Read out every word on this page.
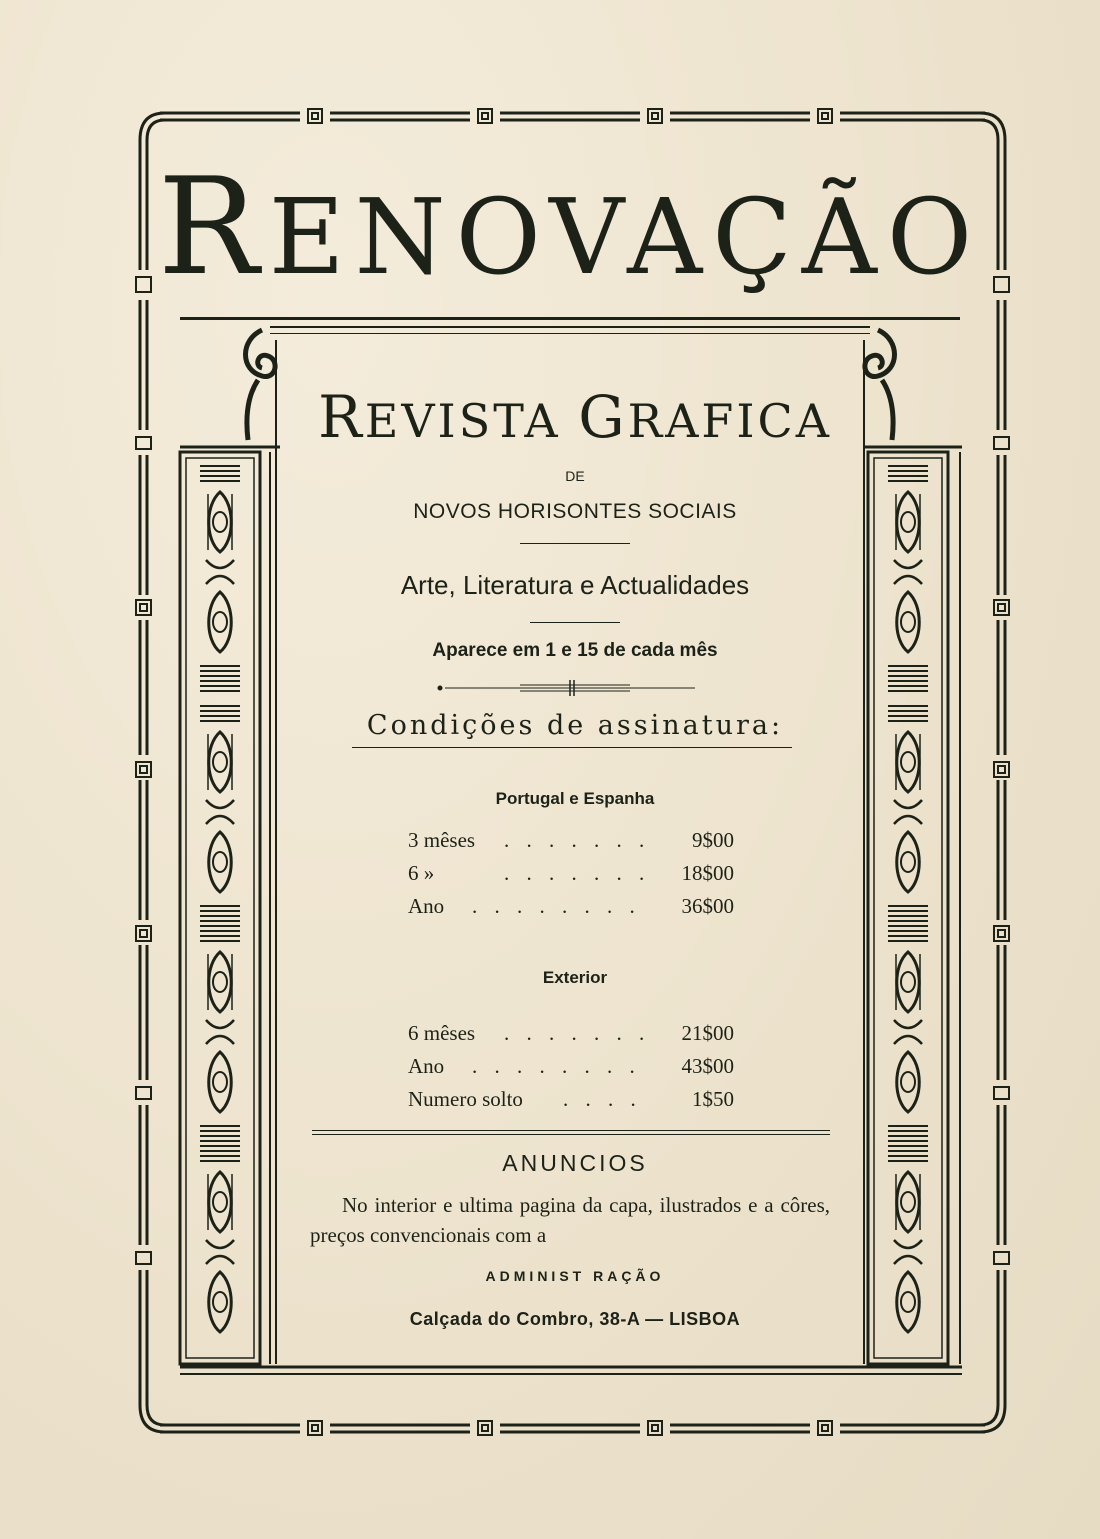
RENOVAÇÃO
REVISTA GRAFICA
DE
NOVOS HORISONTES SOCIAIS
Arte, Literatura e Actualidades
Aparece em 1 e 15 de cada mês
Condições de assinatura:
Portugal e Espanha
3 mêses . . . . . . . 9$00
6 »	. . . . . . . 18$00
Ano . . . . . . . . 36$00
Exterior
6 mêses . . . . . . . 21$00
Ano . . . . . . . . 43$00
Numero solto . . . . 1$50
ANUNCIOS
No interior e ultima pagina da capa, ilustrados e a côres, preços convencionais com a
ADMINIST RAÇÃO
Calçada do Combro, 38-A — LISBOA
